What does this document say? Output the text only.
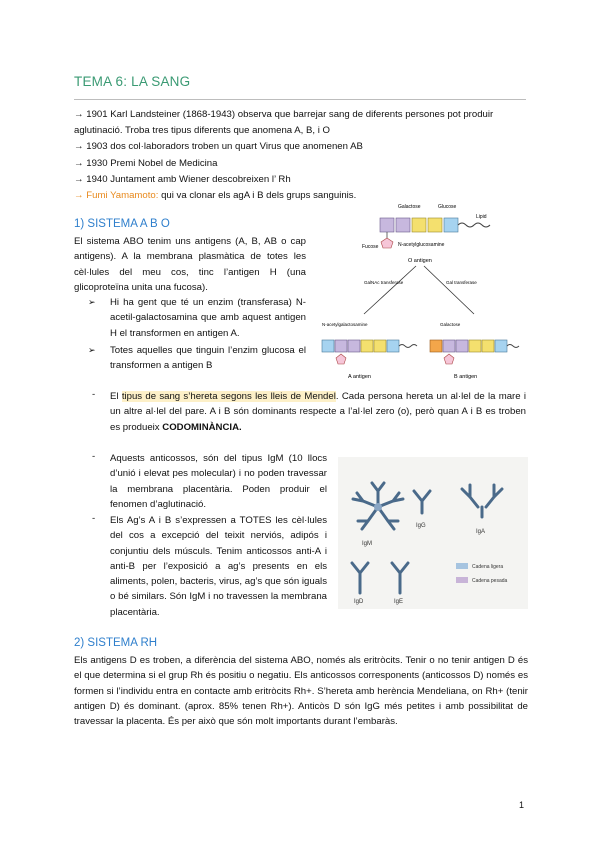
TEMA 6: LA SANG

→ 1901 Karl Landsteiner (1868-1943) observa que barrejar sang de diferents persones pot produir aglutinació. Troba tres tipus diferents que anomena A, B, i O

→ 1903 dos col·laboradors troben un quart Virus que anomenen AB

→ 1930 Premi Nobel de Medicina

→ 1940 Juntament amb Wiener descobreixen l’ Rh

→ Fumi Yamamoto: qui va clonar els agA i B dels grups sanguinis.

1) SISTEMA A B O
El sistema ABO tenim uns antigens (A, B, AB o cap antigens). A la membrana plasmàtica de totes les cèl·lules del meu cos, tinc l’antigen H (una glicoproteïna unita una fucosa).
➢ Hi ha gent que té un enzim (transferasa) N-acetil-galactosamina que amb aquest antigen H el transformen en antigen A.
➢ Totes aquelles que tinguin l’enzim glucosa el transformen a antigen B
- El tipus de sang s’hereta segons les lleis de Mendel. Cada persona hereta un al·lel de la mare i un altre al·lel del pare. A i B són dominants respecte a l’al·lel zero (o), però quan A i B es troben es produeix CODOMINÀNCIA.
- Aquests anticossos, són del tipus IgM (10 llocs d’unió i elevat pes molecular) i no poden travessar la membrana placentària. Poden produir el fenomen d’aglutinació.
- Els Ag’s A i B s’expressen a TOTES les cèl·lules del cos a excepció del teixit nerviós, adipós i conjuntiu dels músculs. Tenim anticossos anti-A i anti-B per l’exposició a ag’s presents en els aliments, polen, bacteris, virus, ag’s que són iguals o bé similars. Són IgM i no travessen la membrana placentària.
2) SISTEMA RH
Els antigens D es troben, a diferència del sistema ABO, només als eritròcits. Tenir o no tenir antigen D és el que determina si el grup Rh és positiu o negatiu. Els anticossos corresponents (anticossos D) només es formen si l’individu entra en contacte amb eritròcits Rh+. S’hereta amb herència Mendeliana, on Rh+ (tenir antigen D) és dominant. (aprox. 85% tenen Rh+). Anticòs D són IgG més petites i amb possibilitat de travessar la placenta. És per això que són molt importants durant l’embaràs.
1
Galactose	Glucose
Lipid
Fucose	N-acetylglucosamine
O antigen
GalNAc transferase	Gal transferase
N-acetylgalactosamine	Galactose
A antigen	B antigen
IgM
IgG
IgA
IgD	IgE
Cadena ligera
Cadena pesada
